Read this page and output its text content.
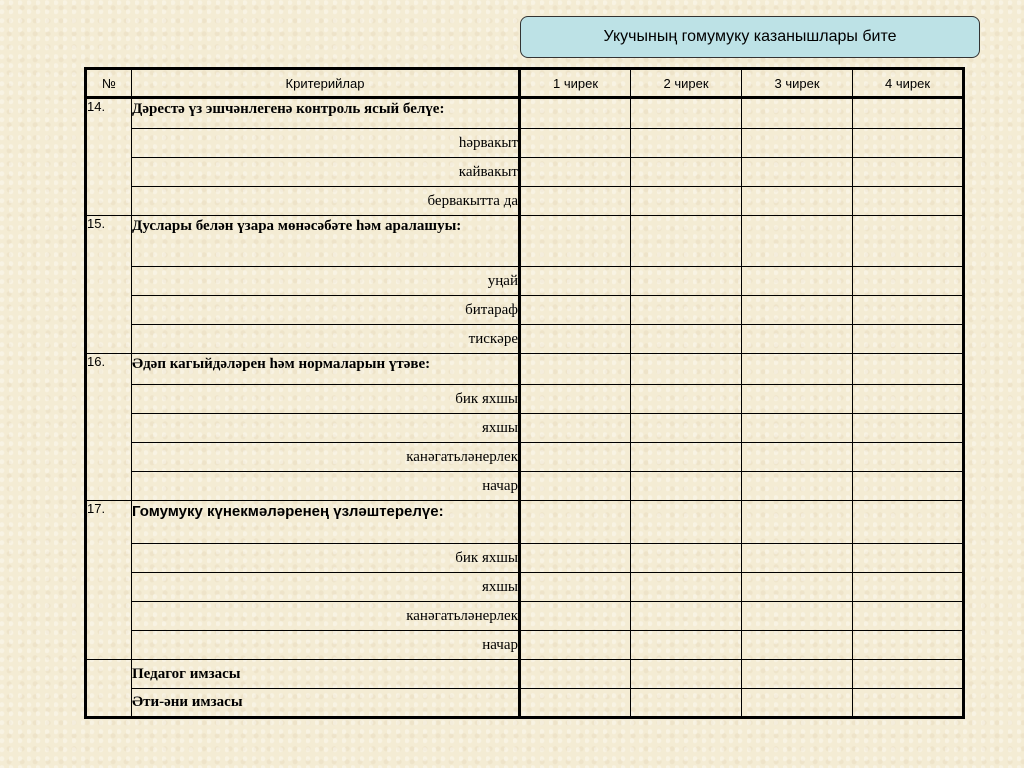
Укучының гомумуку казанышлары бите
№	Критерийлар	1 чирек	2 чирек	3 чирек	4 чирек
14.	Дәрестә үз эшчәнлегенә контроль ясый белүе:				
	һәрвакыт				
	кайвакыт				
	бервакытта да				
15.	Дуслары белән үзара мөнәсәбәте һәм аралашуы:				
	уңай				
	битараф				
	тискәре				
16.	Әдәп кагыйдәләрен һәм нормаларын үтәве:				
	бик яхшы				
	яхшы				
	канәгатьләнерлек				
	начар				
17.	Гомумуку күнекмәләренең үзләштерелүе:				
	бик яхшы				
	яхшы				
	канәгатьләнерлек				
	начар				
	Педагог имзасы				
	Әти-әни имзасы				
